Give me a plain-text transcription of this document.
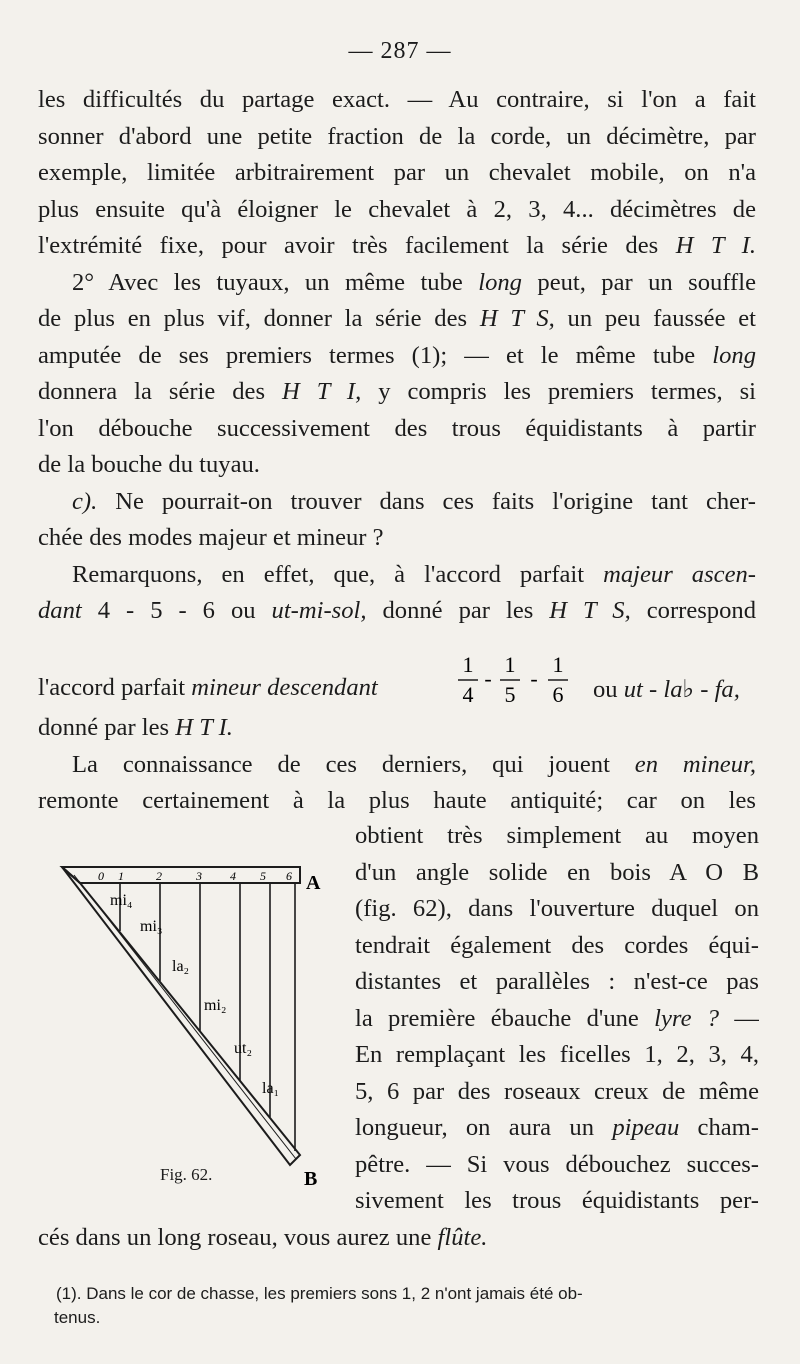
— 287 —
les difficultés du partage exact. — Au contraire, si l'on a fait
sonner d'abord une petite fraction de la corde, un décimètre, par
exemple, limitée arbitrairement par un chevalet mobile, on n'a
plus ensuite qu'à éloigner le chevalet à 2, 3, 4... décimètres de
l'extrémité fixe, pour avoir très facilement la série des H T I.
2° Avec les tuyaux, un même tube long peut, par un souffle
de plus en plus vif, donner la série des H T S, un peu faussée et
amputée de ses premiers termes (1); — et le même tube long
donnera la série des H T I, y compris les premiers termes, si
l'on débouche successivement des trous équidistants à partir
de la bouche du tuyau.
c). Ne pourrait-on trouver dans ces faits l'origine tant cher-
chée des modes majeur et mineur ?
Remarquons, en effet, que, à l'accord parfait majeur ascen-
dant 4 - 5 - 6 ou ut-mi-sol, donné par les H T S, correspond
l'accord parfait mineur descendant
1
4
-
1
5
-
1
6 ou ut - la♭ - fa,
donné par les H T I.
La connaissance de ces derniers, qui jouent en mineur,
remonte certainement à la plus haute antiquité; car on les
obtient très simplement au moyen
d'un angle solide en bois A O B
(fig. 62), dans l'ouverture duquel on
tendrait également des cordes équi-
distantes et parallèles : n'est-ce pas
la première ébauche d'une lyre ? —
En remplaçant les ficelles 1, 2, 3, 4,
5, 6 par des roseaux creux de même
longueur, on aura un pipeau cham-
pêtre. — Si vous débouchez succes-
sivement les trous équidistants per-
cés dans un long roseau, vous aurez une flûte.
0 1	2	3 4 5 6
mi₄
mi₃
la₂
mi₂
ut₂
la₁
A
B
Fig. 62.
(1). Dans le cor de chasse, les premiers sons 1, 2 n'ont jamais été ob-
tenus.
